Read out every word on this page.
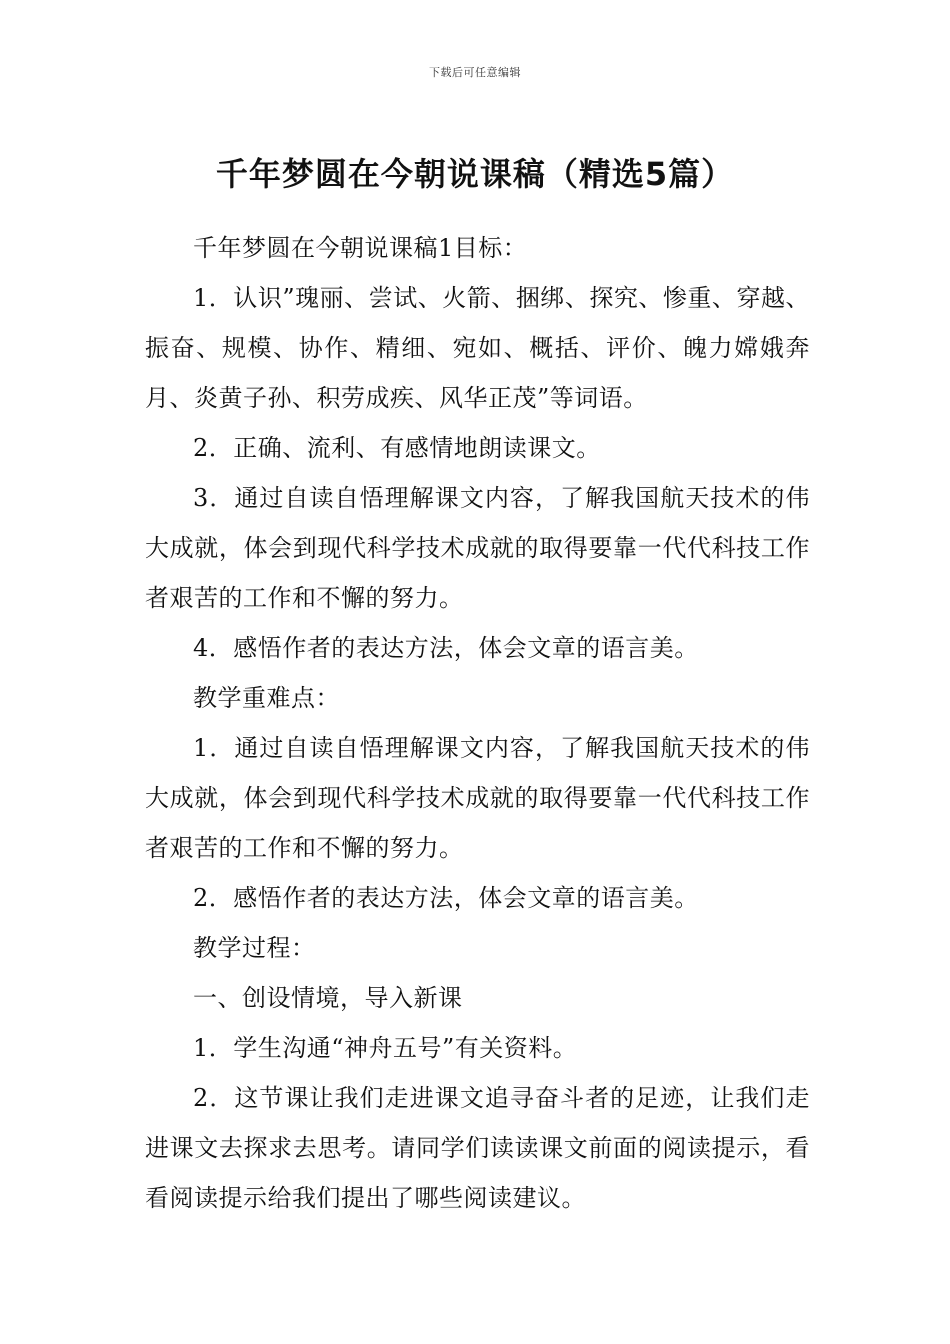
下载后可任意编辑
千年梦圆在今朝说课稿（精选5篇）

千年梦圆在今朝说课稿1目标：

1．认识”瑰丽、尝试、火箭、捆绑、探究、惨重、穿越、振奋、规模、协作、精细、宛如、概括、评价、魄力嫦娥奔月、炎黄子孙、积劳成疾、风华正茂”等词语。

2．正确、流利、有感情地朗读课文。

3．通过自读自悟理解课文内容，了解我国航天技术的伟大成就，体会到现代科学技术成就的取得要靠一代代科技工作者艰苦的工作和不懈的努力。

4．感悟作者的表达方法，体会文章的语言美。

教学重难点：

1．通过自读自悟理解课文内容，了解我国航天技术的伟大成就，体会到现代科学技术成就的取得要靠一代代科技工作者艰苦的工作和不懈的努力。

2．感悟作者的表达方法，体会文章的语言美。

教学过程：

一、创设情境，导入新课

1．学生沟通“神舟五号”有关资料。

2．这节课让我们走进课文追寻奋斗者的足迹，让我们走进课文去探求去思考。请同学们读读课文前面的阅读提示，看看阅读提示给我们提出了哪些阅读建议。
